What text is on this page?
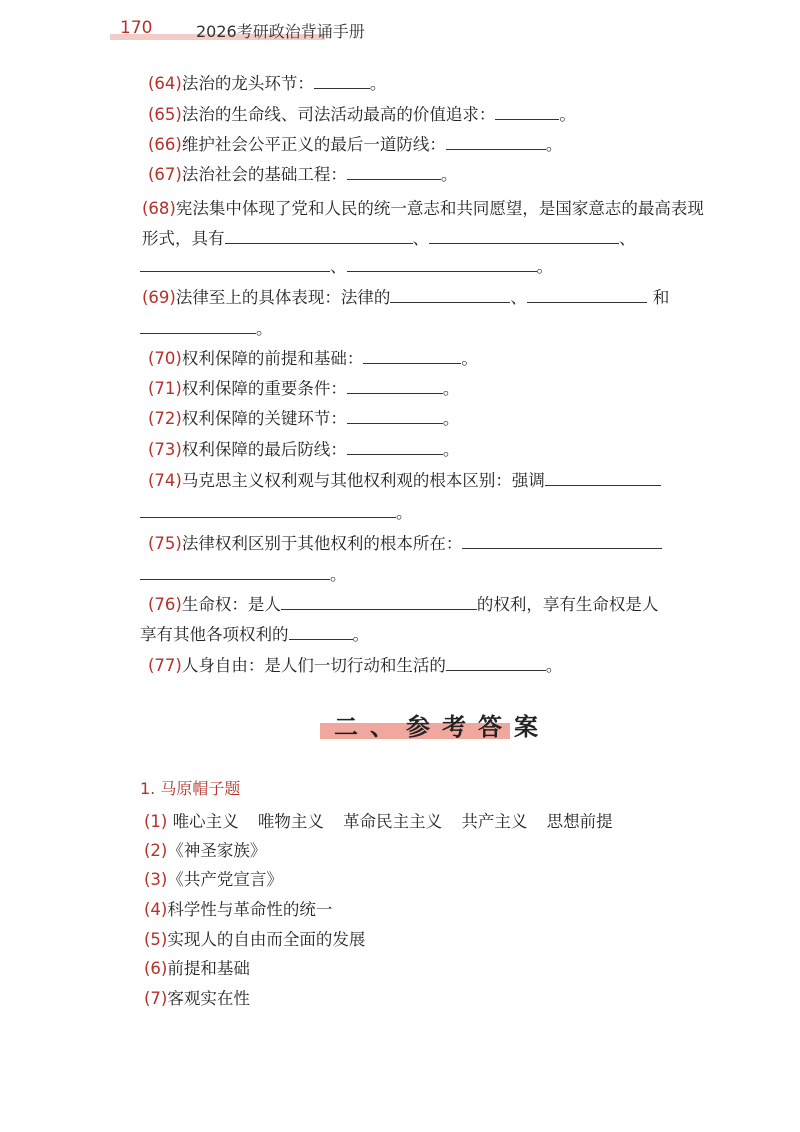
170	2026考研政治背诵手册
(64)法治的龙头环节：	。
(65)法治的生命线、司法活动最高的价值追求：	。
(66)维护社会公平正义的最后一道防线：	。
(67)法治社会的基础工程：	。
(68)宪法集中体现了党和人民的统一意志和共同愿望，是国家意志的最高表现形式，具有	、	、
、	。
(69)法律至上的具体表现：法律的	、	和
。
(70)权利保障的前提和基础：	。
(71)权利保障的重要条件：	。
(72)权利保障的关键环节：	。
(73)权利保障的最后防线：	。
(74)马克思主义权利观与其他权利观的根本区别：强调
。
(75)法律权利区别于其他权利的根本所在：
。
(76)生命权：是人	的权利，享有生命权是人
享有其他各项权利的	。
(77)人身自由：是人们一切行动和生活的	。
二、参考答案
1. 马原帽子题
(1) 唯心主义 唯物主义 革命民主主义 共产主义 思想前提
(2)《神圣家族》
(3)《共产党宣言》
(4)科学性与革命性的统一
(5)实现人的自由而全面的发展
(6)前提和基础
(7)客观实在性
